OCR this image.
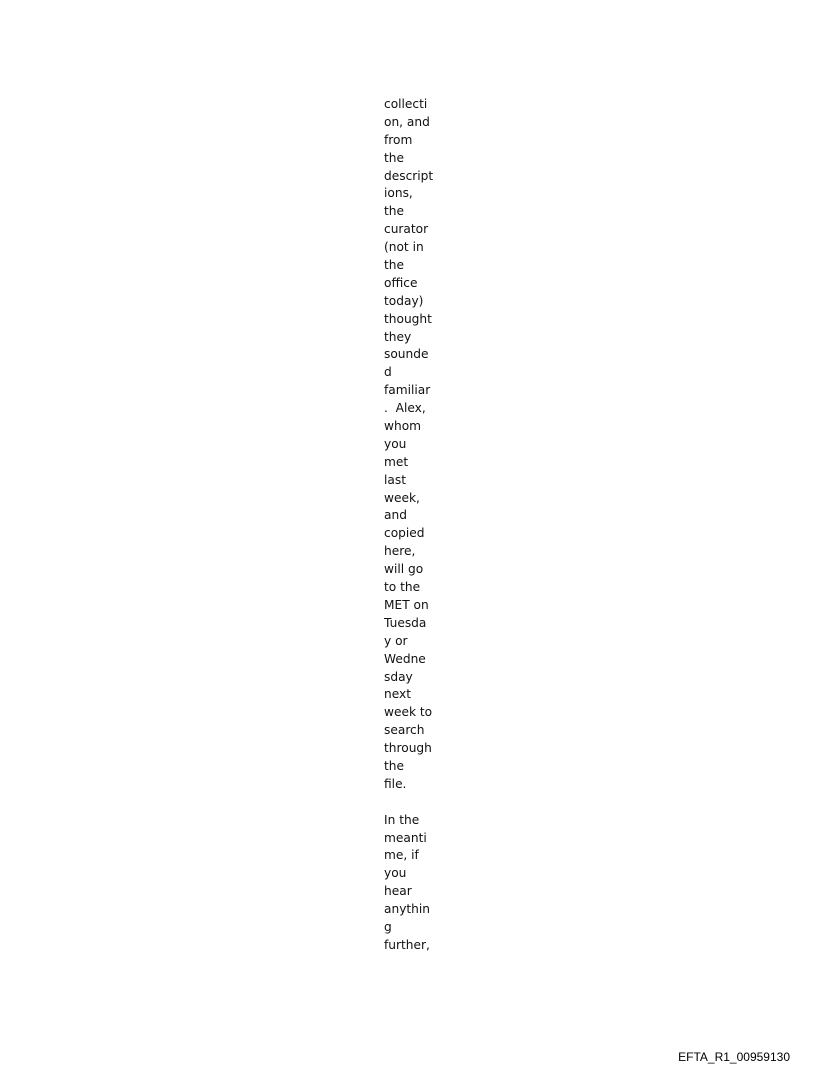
collecti
on, and
from
the
descript
ions,
the
curator
(not in
the
office
today)
thought
they
sounde
d
familiar
.  Alex,
whom
you
met
last
week,
and
copied
here,
will go
to the
MET on
Tuesda
y or
Wedne
sday
next
week to
search
through
the
file.
In the
meanti
me, if
you
hear
anythin
g
further,
EFTA_R1_00959130
